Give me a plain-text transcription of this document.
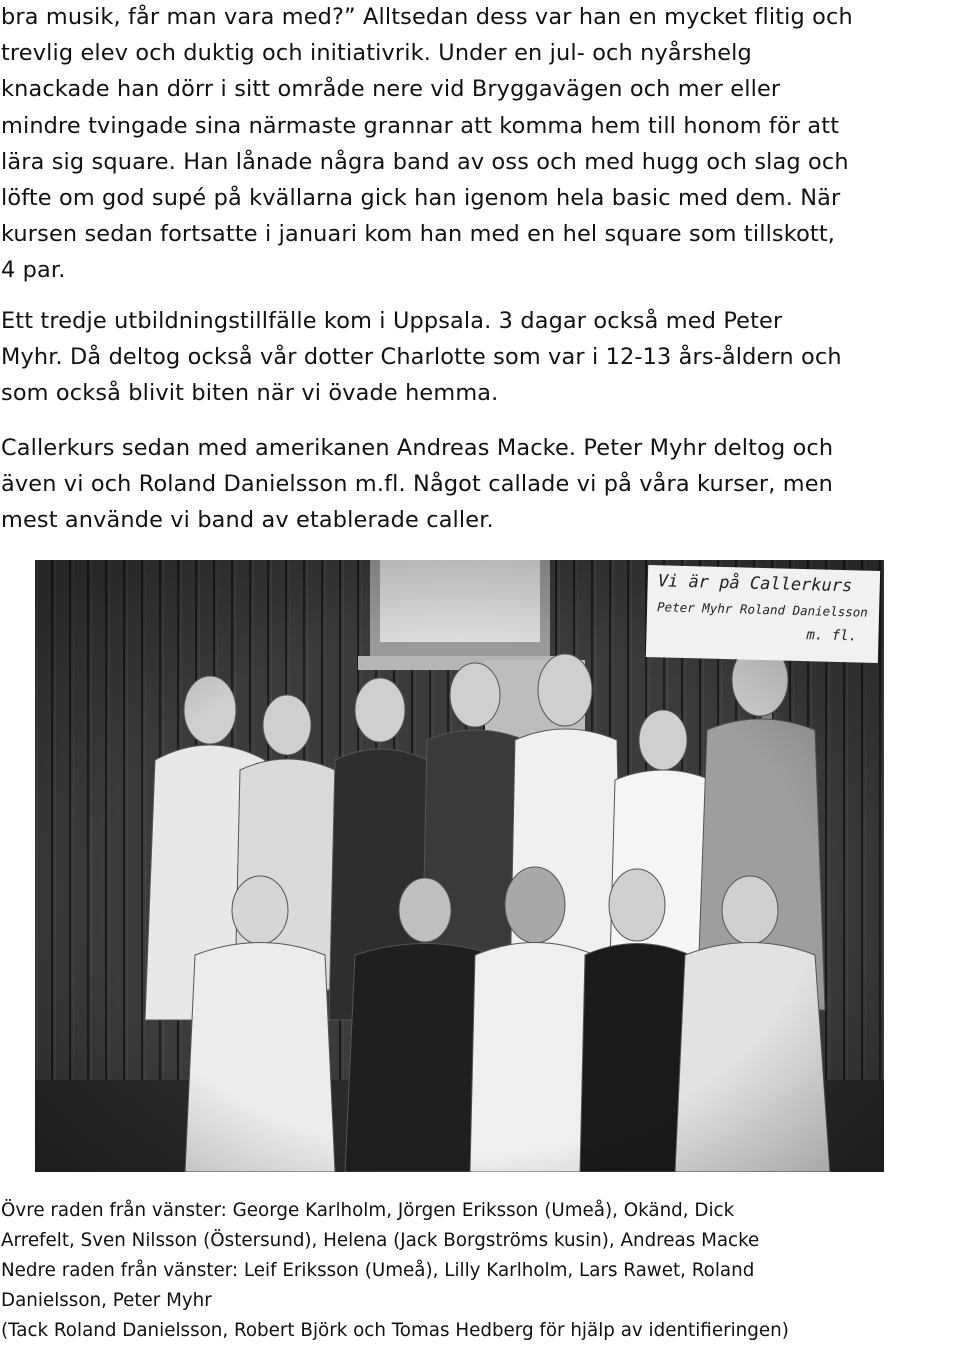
bra musik, får man vara med?” Alltsedan dess var han en mycket flitig och
trevlig elev och duktig och initiativrik. Under en jul- och nyårshelg
knackade han dörr i sitt område nere vid Bryggavägen och mer eller
mindre tvingade sina närmaste grannar att komma hem till honom för att
lära sig square. Han lånade några band av oss och med hugg och slag och
löfte om god supé på kvällarna gick han igenom hela basic med dem. När
kursen sedan fortsatte i januari kom han med en hel square som tillskott,
4 par.
Ett tredje utbildningstillfälle kom i Uppsala. 3 dagar också med Peter
Myhr. Då deltog också vår dotter Charlotte som var i 12-13 års-åldern och
som också blivit biten när vi övade hemma.
Callerkurs sedan med amerikanen Andreas Macke. Peter Myhr deltog och
även vi och Roland Danielsson m.fl. Något callade vi på våra kurser, men
mest använde vi band av etablerade caller.
Vi är på Callerkurs
Peter Myhr Roland Danielsson
m. fl.
Övre raden från vänster: George Karlholm, Jörgen Eriksson (Umeå), Okänd, Dick
Arrefelt, Sven Nilsson (Östersund), Helena (Jack Borgströms kusin), Andreas Macke
Nedre raden från vänster: Leif Eriksson (Umeå), Lilly Karlholm, Lars Rawet, Roland
Danielsson, Peter Myhr
(Tack Roland Danielsson, Robert Björk och Tomas Hedberg för hjälp av identifieringen)
